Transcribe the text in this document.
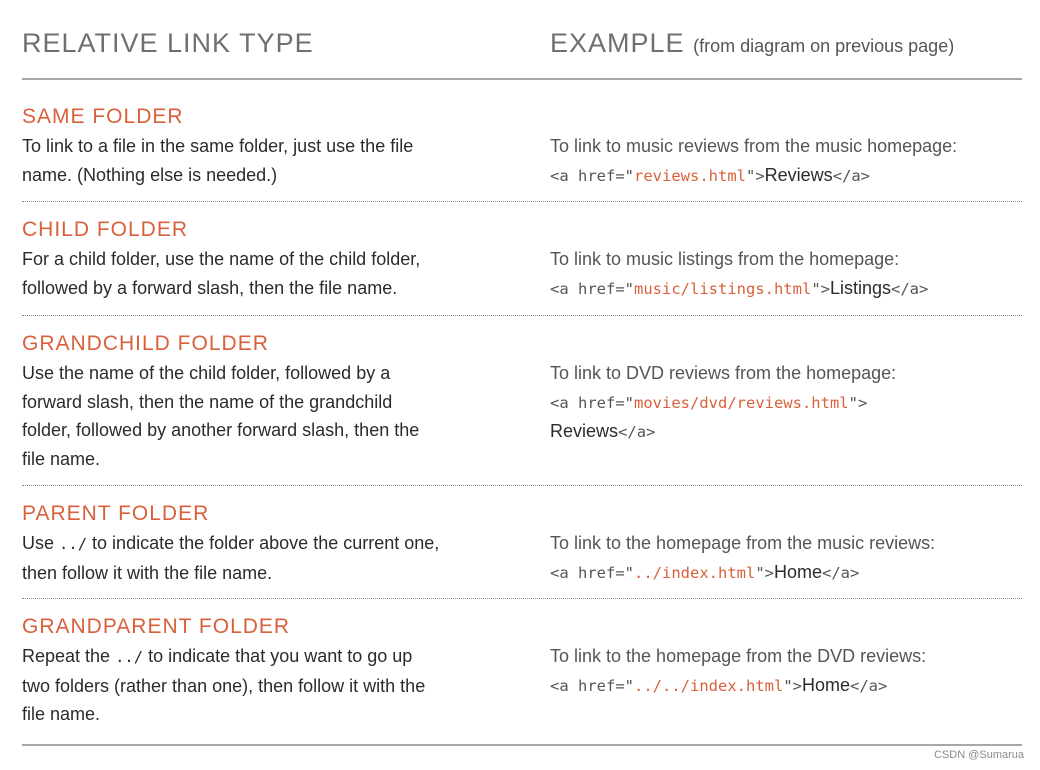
RELATIVE LINK TYPE	EXAMPLE (from diagram on previous page)
SAME FOLDER
To link to a file in the same folder, just use the file
name. (Nothing else is needed.)
To link to music reviews from the music homepage:
<a href="reviews.html">Reviews</a>
CHILD FOLDER
For a child folder, use the name of the child folder,
followed by a forward slash, then the file name.
To link to music listings from the homepage:
<a href="music/listings.html">Listings</a>
GRANDCHILD FOLDER
Use the name of the child folder, followed by a
forward slash, then the name of the grandchild
folder, followed by another forward slash, then the
file name.
To link to DVD reviews from the homepage:
<a href="movies/dvd/reviews.html">
Reviews</a>
PARENT FOLDER
Use ../ to indicate the folder above the current one,
then follow it with the file name.
To link to the homepage from the music reviews:
<a href="../index.html">Home</a>
GRANDPARENT FOLDER
Repeat the ../ to indicate that you want to go up
two folders (rather than one), then follow it with the
file name.
To link to the homepage from the DVD reviews:
<a href="../../index.html">Home</a>
CSDN @Sumarua
